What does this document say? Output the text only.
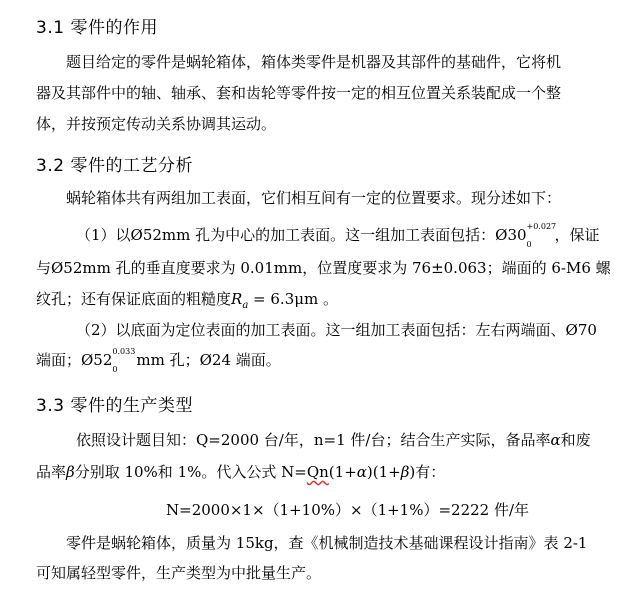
3.1 零件的作用
题目给定的零件是蜗轮箱体，箱体类零件是机器及其部件的基础件，它将机
器及其部件中的轴、轴承、套和齿轮等零件按一定的相互位置关系装配成一个整
体，并按预定传动关系协调其运动。
3.2 零件的工艺分析
蜗轮箱体共有两组加工表面，它们相互间有一定的位置要求。现分述如下：
（1）以Ø52mm 孔为中心的加工表面。这一组加工表面包括：Ø30 +0.027
0
，保证
与Ø52mm 孔的垂直度要求为 0.01mm，位置度要求为 76±0.063；端面的 6-M6 螺
纹孔；还有保证底面的粗糙度$R_a = 6.3\mu m$ 。
（2）以底面为定位表面的加工表面。这一组加工表面包括：左右两端面、Ø70
端面；Ø52 0.033
0
mm 孔；Ø24 端面。
3.3 零件的生产类型
依照设计题目知：Q=2000 台/年，n=1 件/台；结合生产实际，备品率α和废
品率β分别取 10%和 1%。代入公式 N=Qn(1+α)(1+β)有：
N=2000×1×（1+10%）×（1+1%）=2222 件/年
零件是蜗轮箱体，质量为 15kg，查《机械制造技术基础课程设计指南》表 2-1
可知属轻型零件，生产类型为中批量生产。
